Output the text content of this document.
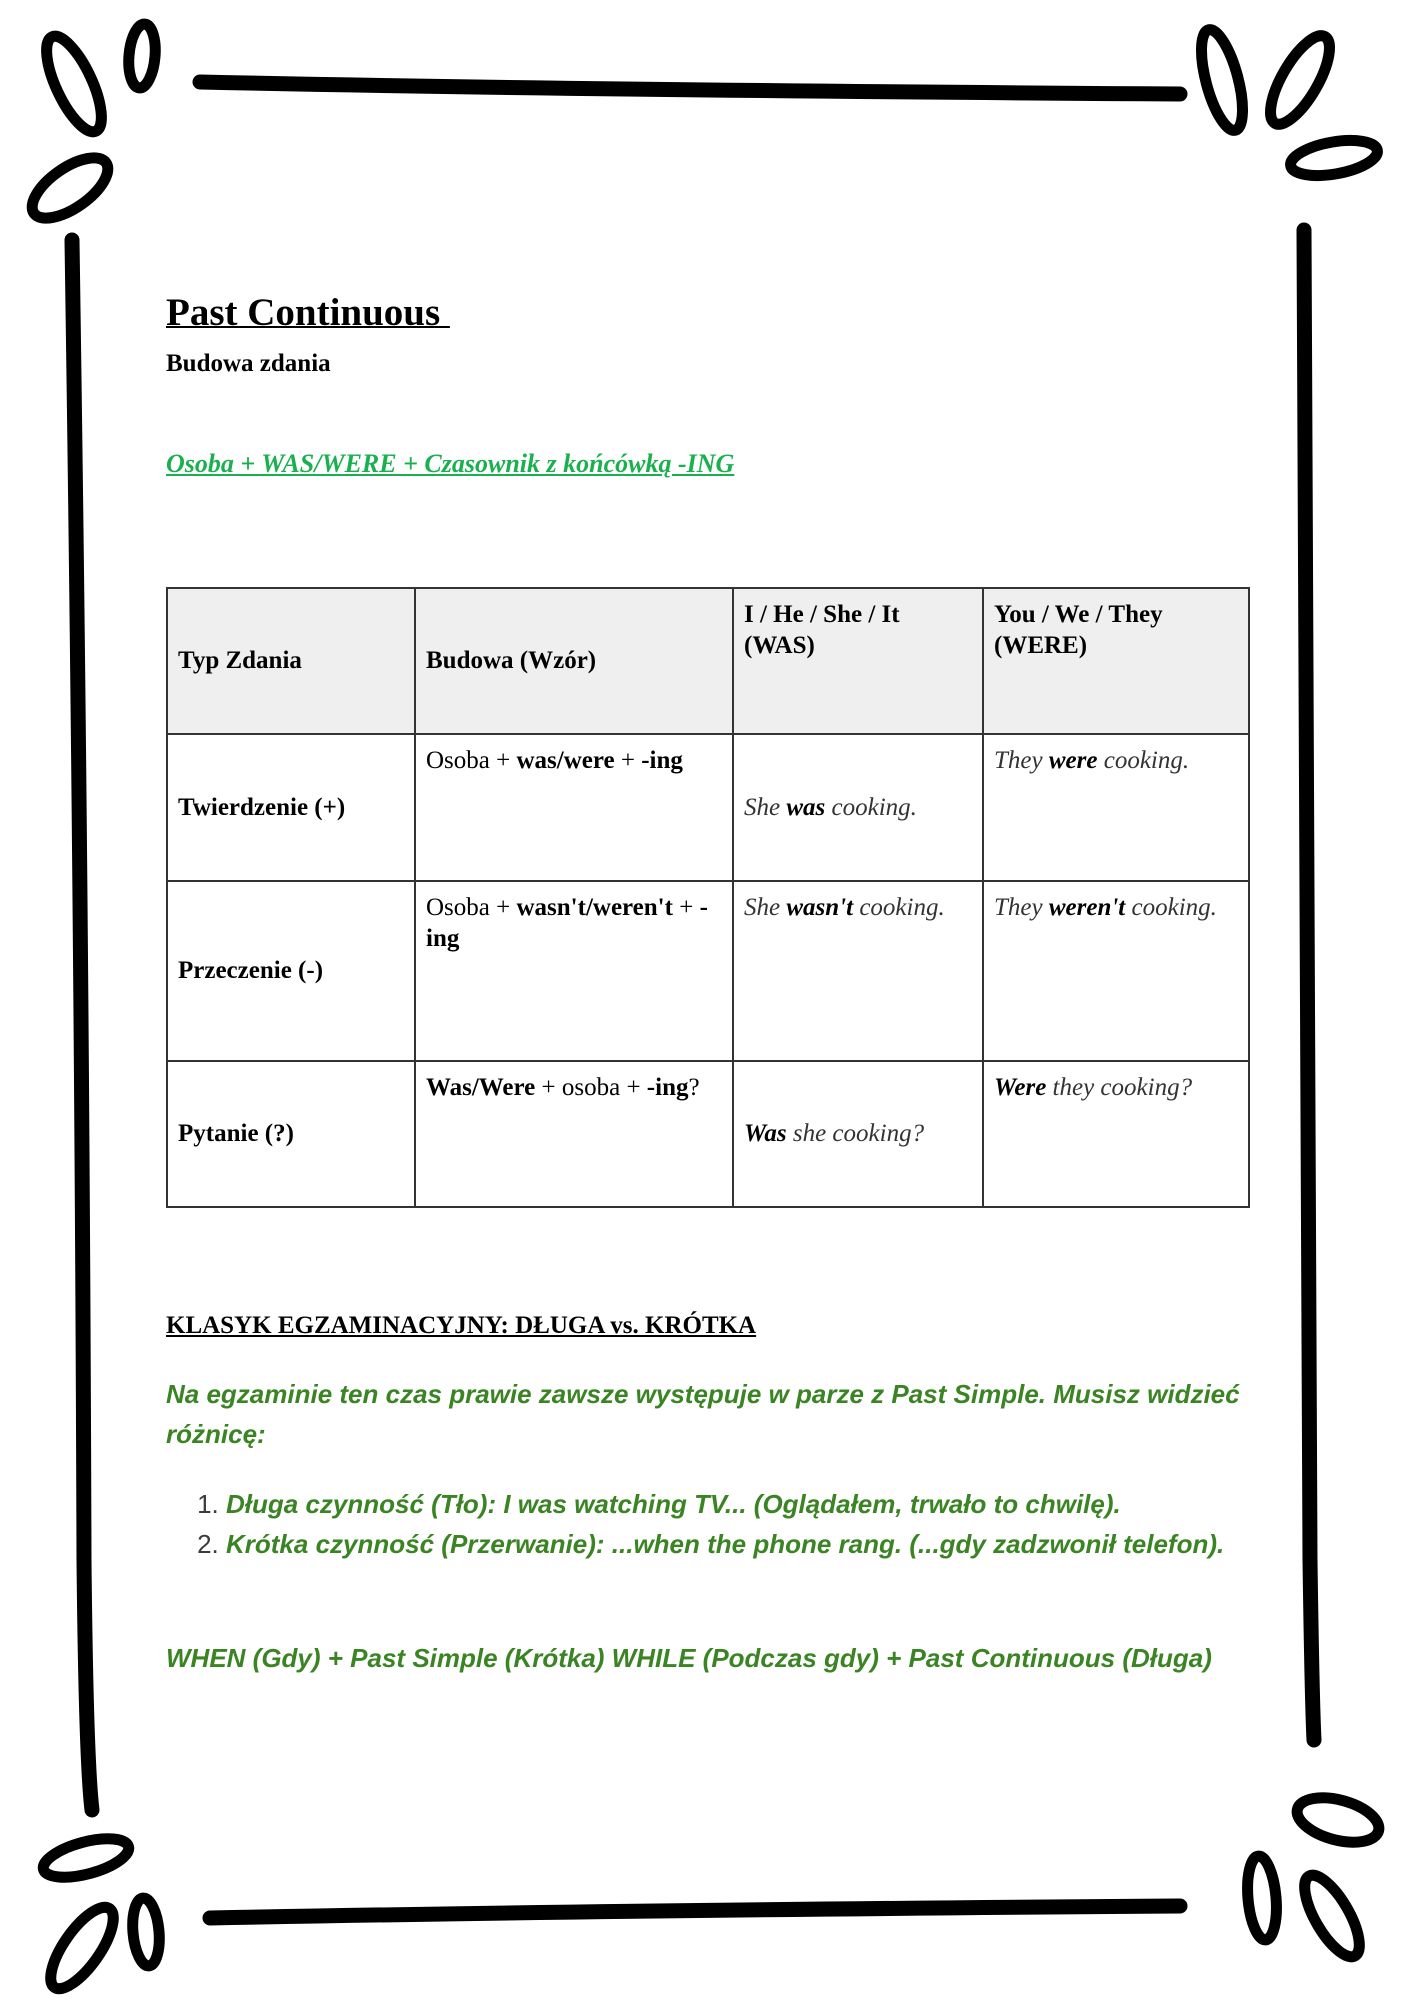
Past Continuous
Budowa zdania

Osoba + WAS/WERE + Czasownik z końcówką -ING

Typ Zdania	Budowa (Wzór)	I / He / She / It (WAS)	You / We / They (WERE)
Twierdzenie (+)	Osoba + was/were + -ing	She was cooking.	They were cooking.
Przeczenie (-)	Osoba + wasn't/weren't + -ing	She wasn't cooking.	They weren't cooking.
Pytanie (?)	Was/Were + osoba + -ing?	Was she cooking?	Were they cooking?
KLASYK EGZAMINACYJNY: DŁUGA vs. KRÓTKA

Na egzaminie ten czas prawie zawsze występuje w parze z Past Simple. Musisz widzieć różnicę:

1. Długa czynność (Tło): I was watching TV... (Oglądałem, trwało to chwilę).
2. Krótka czynność (Przerwanie): ...when the phone rang. (...gdy zadzwonił telefon).

WHEN (Gdy) + Past Simple (Krótka) WHILE (Podczas gdy) + Past Continuous (Długa)
